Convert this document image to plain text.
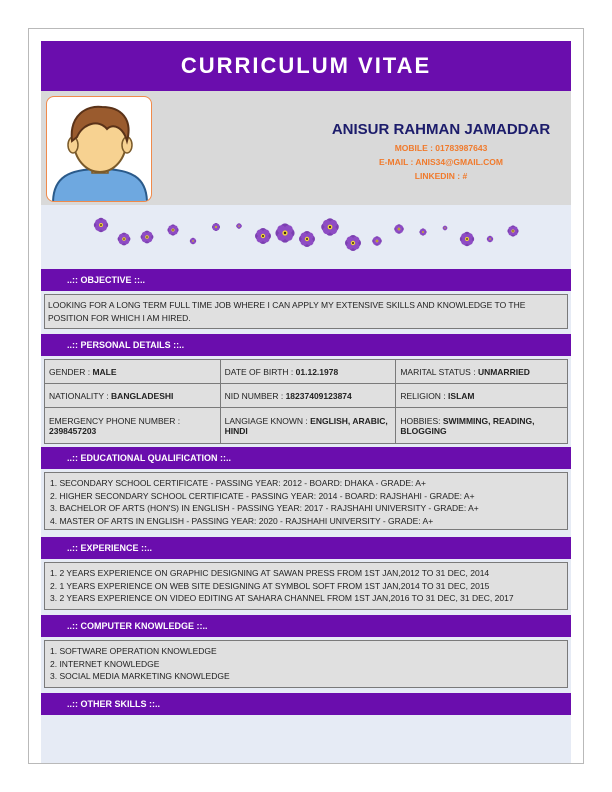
CURRICULUM VITAE
ANISUR RAHMAN JAMADDAR
MOBILE : 01783987643
E-MAIL : ANIS34@GMAIL.COM
LINKEDIN : #
..:: OBJECTIVE ::..
LOOKING FOR A LONG TERM FULL TIME JOB WHERE I CAN APPLY MY EXTENSIVE SKILLS AND KNOWLEDGE TO THE POSITION FOR WHICH I AM HIRED.
..:: PERSONAL DETAILS ::..
GENDER : MALE	DATE OF BIRTH : 01.12.1978	MARITAL STATUS : UNMARRIED
NATIONALITY : BANGLADESHI	NID NUMBER : 18237409123874	RELIGION : ISLAM
EMERGENCY PHONE NUMBER :
2398457203	LANGIAGE KNOWN : ENGLISH, ARABIC, HINDI	HOBBIES: SWIMMING, READING, BLOGGING
..:: EDUCATIONAL QUALIFICATION ::..
1. SECONDARY SCHOOL CERTIFICATE - PASSING YEAR: 2012 - BOARD: DHAKA - GRADE: A+
2. HIGHER SECONDARY SCHOOL CERTIFICATE - PASSING YEAR: 2014 - BOARD: RAJSHAHI - GRADE: A+
3. BACHELOR OF ARTS (HON'S) IN ENGLISH - PASSING YEAR: 2017 - RAJSHAHI UNIVERSITY - GRADE: A+
4. MASTER OF ARTS IN ENGLISH - PASSING YEAR: 2020 - RAJSHAHI UNIVERSITY - GRADE: A+
..:: EXPERIENCE ::..
1. 2 YEARS EXPERIENCE ON GRAPHIC DESIGNING AT SAWAN PRESS FROM 1ST JAN,2012 TO 31 DEC, 2014
2. 1 YEARS EXPERIENCE ON WEB SITE DESIGNING AT SYMBOL SOFT FROM 1ST JAN,2014 TO 31 DEC, 2015
3. 2 YEARS EXPERIENCE ON VIDEO EDITING AT SAHARA CHANNEL FROM 1ST JAN,2016 TO 31 DEC, 31 DEC, 2017
..:: COMPUTER KNOWLEDGE ::..
1. SOFTWARE OPERATION KNOWLEDGE
2. INTERNET KNOWLEDGE
3. SOCIAL MEDIA MARKETING KNOWLEDGE
..:: OTHER SKILLS ::..
